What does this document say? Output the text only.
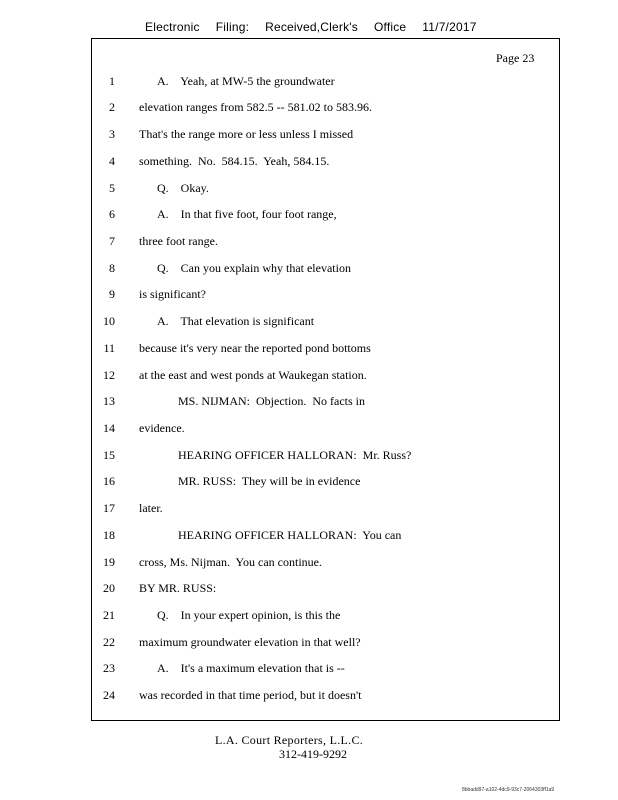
Electronic Filing: Received,Clerk's Office 11/7/2017
Page 23
1	A.    Yeah, at MW-5 the groundwater
2 elevation ranges from 582.5 -- 581.02 to 583.96.
3 That's the range more or less unless I missed
4 something.  No.  584.15.  Yeah, 584.15.
5	Q.    Okay.
6	A.    In that five foot, four foot range,
7 three foot range.
8	Q.    Can you explain why that elevation
9 is significant?
10	A.    That elevation is significant
11 because it's very near the reported pond bottoms
12 at the east and west ponds at Waukegan station.
13	MS. NIJMAN:  Objection.  No facts in
14 evidence.
15	HEARING OFFICER HALLORAN:  Mr. Russ?
16	MR. RUSS:  They will be in evidence
17 later.
18	HEARING OFFICER HALLORAN:  You can
19 cross, Ms. Nijman.  You can continue.
20 BY MR. RUSS:
21	Q.    In your expert opinion, is this the
22 maximum groundwater elevation in that well?
23	A.    It's a maximum elevation that is --
24 was recorded in that time period, but it doesn't
L.A. Court Reporters, L.L.C.
312-419-9292
8bbadd97-a102-4dc9-93c7-2064303ff1a9
